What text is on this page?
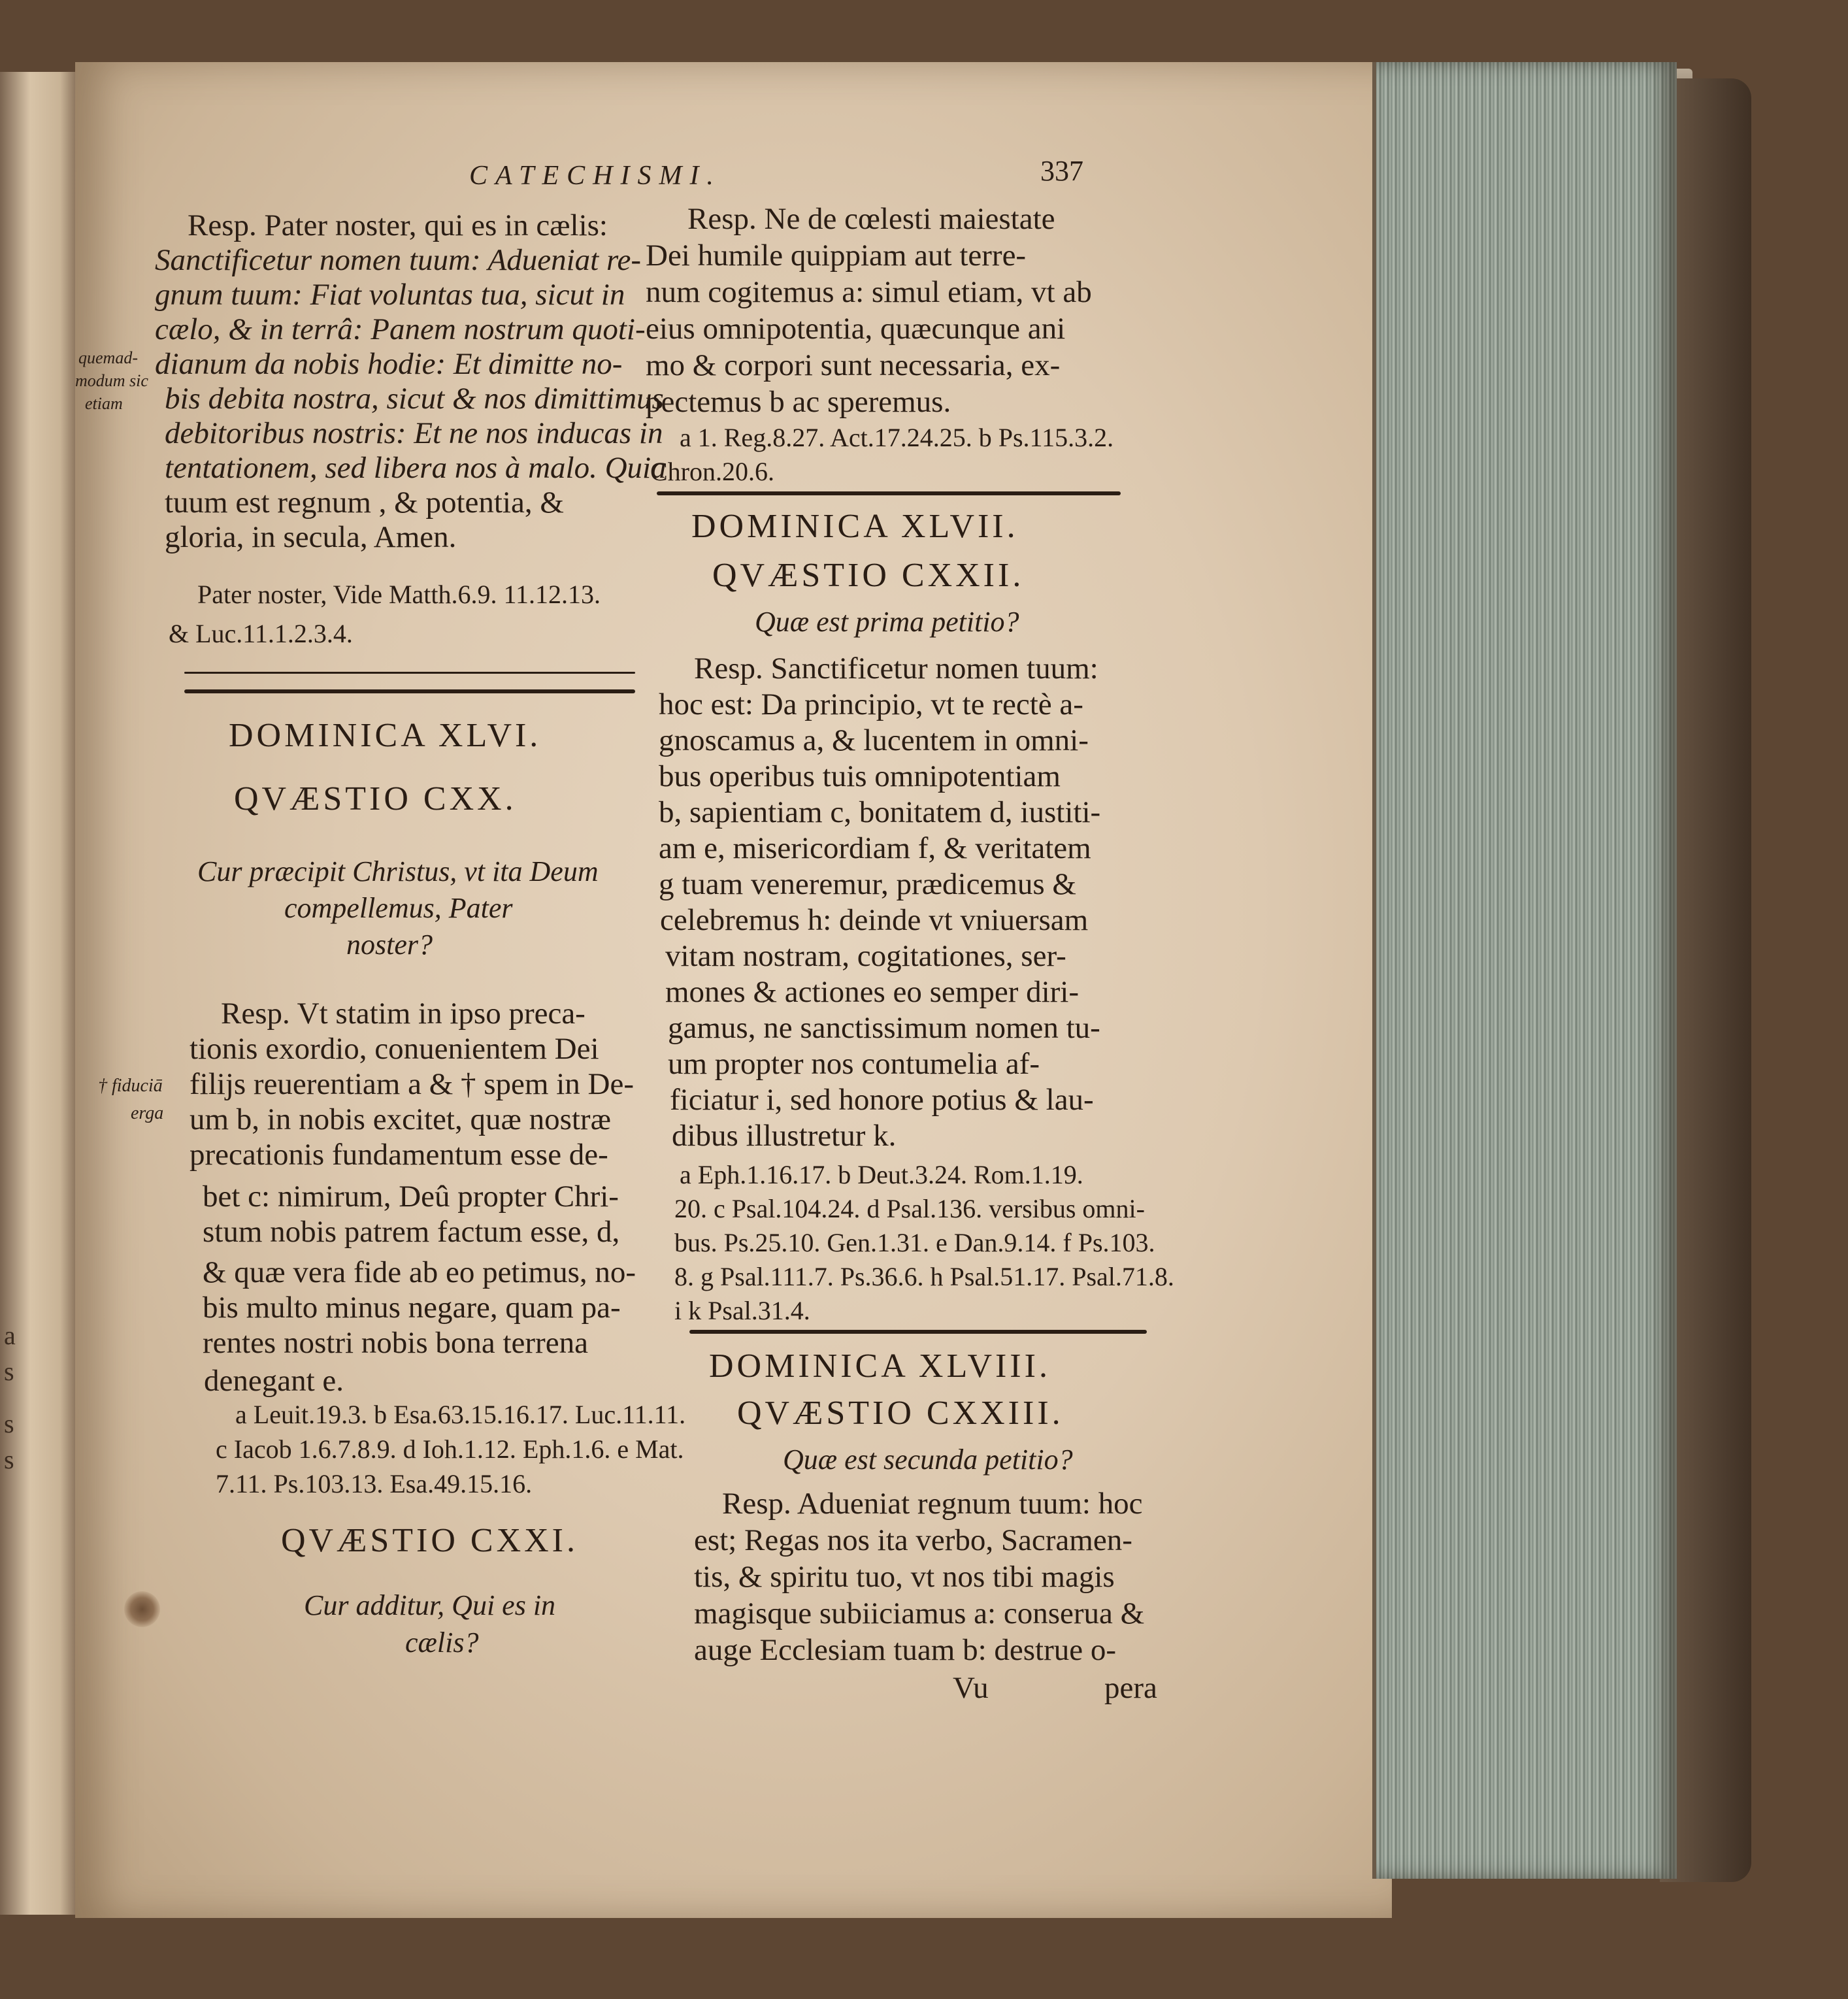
a
s
s
s
CATECHISMI.	337
Resp. Pater noster, qui es in cælis:
Sanctificetur nomen tuum: Adueniat re-
gnum tuum: Fiat voluntas tua, sicut in
cælo, & in terrâ: Panem nostrum quoti-
dianum da nobis hodie: Et dimitte no-
bis debita nostra, sicut & nos dimittimus
debitoribus nostris: Et ne nos inducas in
tentationem, sed libera nos à malo. Quia
tuum est regnum , & potentia, &
gloria, in secula, Amen.
quemad-
modum sic
etiam
Pater noster, Vide Matth.6.9. 11.12.13.
& Luc.11.1.2.3.4.
DOMINICA XLVI.
QVÆSTIO CXX.
Cur præcipit Christus, vt ita Deum
compellemus, Pater
noster?
Resp. Vt statim in ipso preca-
tionis exordio, conuenientem Dei
filijs reuerentiam a & † spem in De-
um b, in nobis excitet, quæ nostræ
precationis fundamentum esse de-
bet c: nimirum, Deû propter Chri-
stum nobis patrem factum esse, d,
& quæ vera fide ab eo petimus, no-
bis multo minus negare, quam pa-
rentes nostri nobis bona terrena
denegant e.
† fiduciā
erga
a Leuit.19.3. b Esa.63.15.16.17. Luc.11.11.
c Iacob 1.6.7.8.9. d Ioh.1.12. Eph.1.6. e Mat.
7.11. Ps.103.13. Esa.49.15.16.
QVÆSTIO CXXI.
Cur additur, Qui es in
cælis?
Resp. Ne de cœlesti maiestate
Dei humile quippiam aut terre-
num cogitemus a: simul etiam, vt ab
eius omnipotentia, quæcunque ani
mo & corpori sunt necessaria, ex-
pectemus b ac speremus.
a 1. Reg.8.27. Act.17.24.25. b Ps.115.3.2.
Chron.20.6.
DOMINICA XLVII.
QVÆSTIO CXXII.
Quæ est prima petitio?
Resp. Sanctificetur nomen tuum:
hoc est: Da principio, vt te rectè a-
gnoscamus a, & lucentem in omni-
bus operibus tuis omnipotentiam
b, sapientiam c, bonitatem d, iustiti-
am e, misericordiam f, & veritatem
g tuam veneremur, prædicemus &
celebremus h: deinde vt vniuersam
vitam nostram, cogitationes, ser-
mones & actiones eo semper diri-
gamus, ne sanctissimum nomen tu-
um propter nos contumelia af-
ficiatur i, sed honore potius & lau-
dibus illustretur k.
a Eph.1.16.17. b Deut.3.24. Rom.1.19.
20. c Psal.104.24. d Psal.136. versibus omni-
bus. Ps.25.10. Gen.1.31. e Dan.9.14. f Ps.103.
8. g Psal.111.7. Ps.36.6. h Psal.51.17. Psal.71.8.
i k Psal.31.4.
DOMINICA XLVIII.
QVÆSTIO CXXIII.
Quæ est secunda petitio?
Resp. Adueniat regnum tuum: hoc
est; Regas nos ita verbo, Sacramen-
tis, & spiritu tuo, vt nos tibi magis
magisque subiiciamus a: conserua &
auge Ecclesiam tuam b: destrue o-
Vu	pera
